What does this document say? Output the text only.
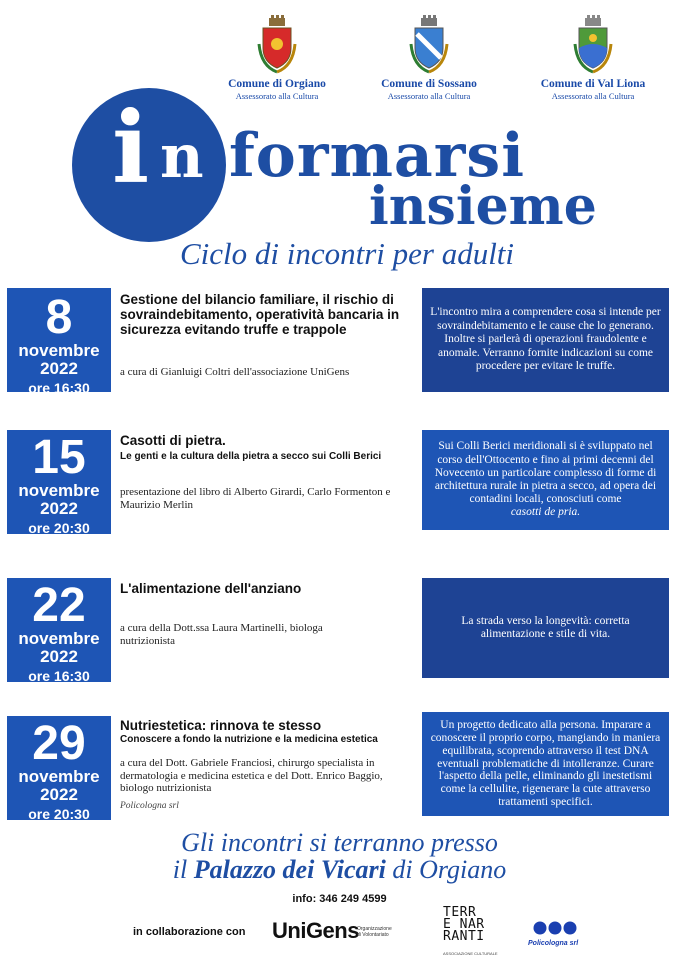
Comune di Orgiano
Assessorato alla Cultura
Comune di Sossano
Assessorato alla Cultura
Comune di Val Liona
Assessorato alla Cultura
i n formarsi
insieme
Ciclo di incontri per adulti
8
novembre
2022
ore 16:30
Gestione del bilancio familiare, il rischio di sovraindebitamento, operatività bancaria in sicurezza evitando truffe e trappole
a cura di Gianluigi Coltri dell'associazione UniGens
L'incontro mira a comprendere cosa si intende per sovraindebitamento e le cause che lo generano. Inoltre si parlerà di operazioni fraudolente e anomale. Verranno fornite indicazioni su come procedere per evitare le truffe.
15
novembre
2022
ore 20:30
Casotti di pietra.
Le genti e la cultura della pietra a secco sui Colli Berici
presentazione del libro di Alberto Girardi, Carlo Formenton e Maurizio Merlin
Sui Colli Berici meridionali si è sviluppato nel corso dell'Ottocento e fino ai primi decenni del Novecento un particolare complesso di forme di architettura rurale in pietra a secco, ad opera dei contadini locali, conosciuti come
casotti de pria.
22
novembre
2022
ore 16:30
L'alimentazione dell'anziano
a cura della Dott.ssa Laura Martinelli, biologa nutrizionista
La strada verso la longevità: corretta alimentazione e stile di vita.
29
novembre
2022
ore 20:30
Nutriestetica: rinnova te stesso
Conoscere a fondo la nutrizione e la medicina estetica
a cura del Dott. Gabriele Franciosi, chirurgo specialista in dermatologia e medicina estetica e del Dott. Enrico Baggio, biologo nutrizionista
Policologna srl
Un progetto dedicato alla persona. Imparare a conoscere il proprio corpo, mangiando in maniera equilibrata, scoprendo attraverso il test DNA eventuali problematiche di intolleranze. Curare l'aspetto della pelle, eliminando gli inestetismi come la cellulite, rigenerare la cute attraverso trattamenti specifici.
Gli incontri si terranno presso
il Palazzo dei Vicari di Orgiano
info: 346 249 4599
in collaborazione con UniGens
Organizzazione di Volontariato
TERR
E NAR
RANTI
ASSOCIAZIONE CULTURALE
Policologna srl
